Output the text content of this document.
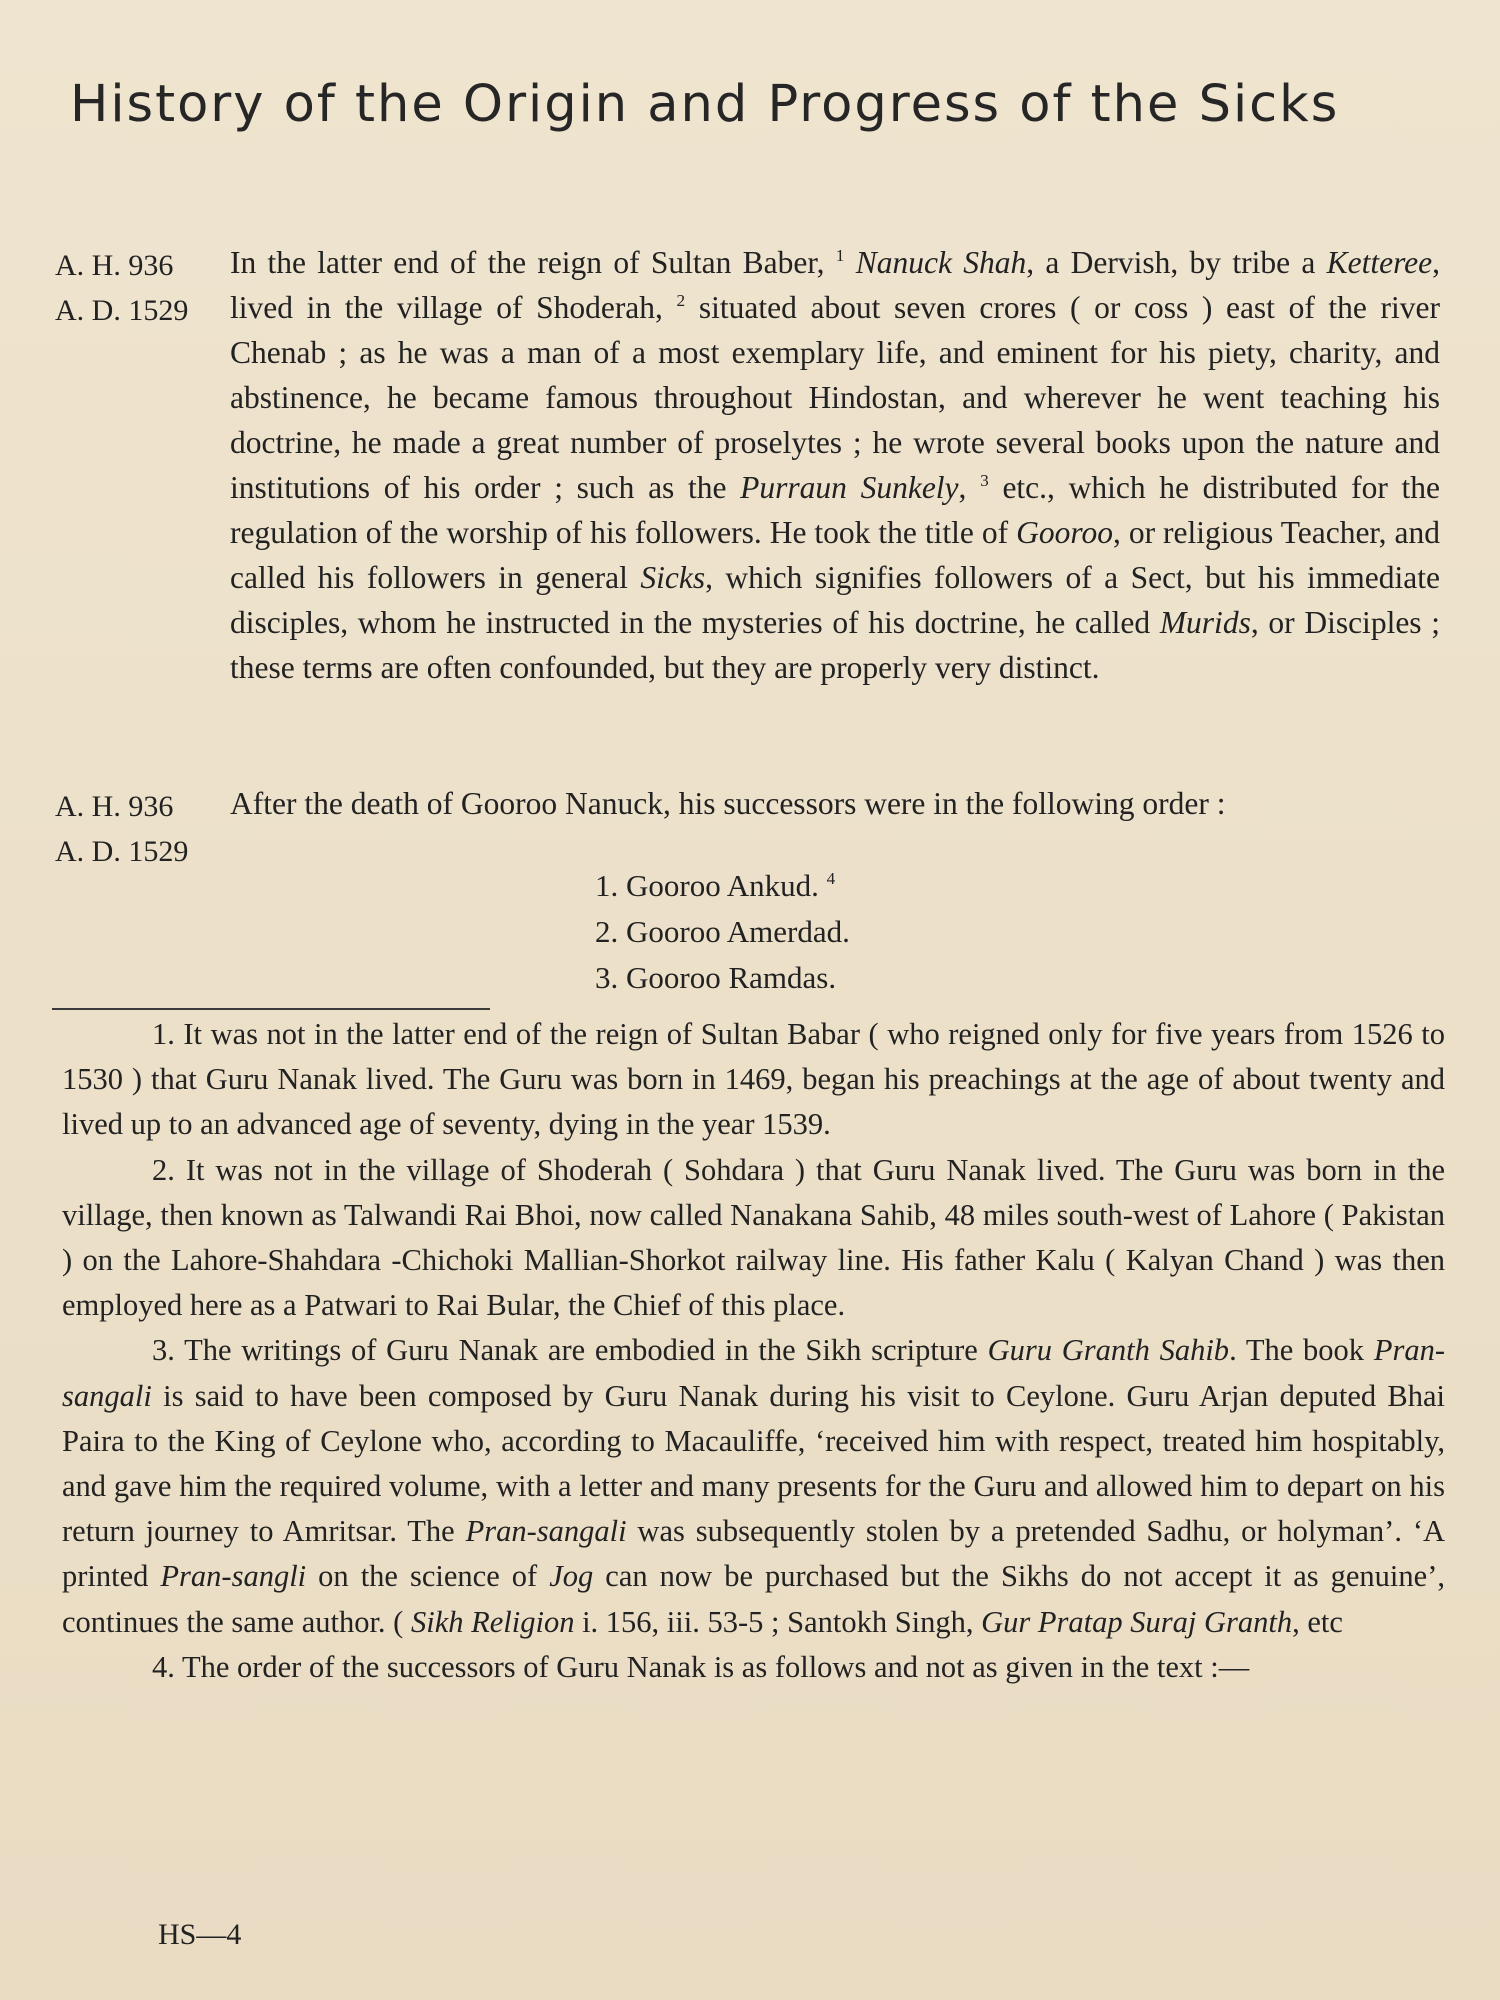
History of the Origin and Progress of the Sicks
A. H. 936
A. D. 1529
In the latter end of the reign of Sultan Baber, $^1$ Nanuck Shah, a Dervish, by tribe a Ketteree, lived in the village of Shoderah, $^2$ situated about seven crores ( or coss ) east of the river Chenab ; as he was a man of a most exemplary life, and eminent for his piety, charity, and abstinence, he became famous throughout Hindostan, and wherever he went teaching his doctrine, he made a great number of proselytes ; he wrote several books upon the nature and institutions of his order ; such as the Purraun Sunkely, $^3$ etc., which he distributed for the regulation of the worship of his followers. He took the title of Gooroo, or religious Teacher, and called his followers in general Sicks, which signifies followers of a Sect, but his immediate disciples, whom he instructed in the mysteries of his doctrine, he called Murids, or Disciples ; these terms are often confounded, but they are properly very distinct.
A. H. 936
A. D. 1529
After the death of Gooroo Nanuck, his successors were in the following order :
1. Gooroo Ankud. $^4$
2. Gooroo Amerdad.
3. Gooroo Ramdas.

1. It was not in the latter end of the reign of Sultan Babar ( who reigned only for five years from 1526 to 1530 ) that Guru Nanak lived. The Guru was born in 1469, began his preachings at the age of about twenty and lived up to an advanced age of seventy, dying in the year 1539.

2. It was not in the village of Shoderah ( Sohdara ) that Guru Nanak lived. The Guru was born in the village, then known as Talwandi Rai Bhoi, now called Nanakana Sahib, 48 miles south-west of Lahore ( Pakistan ) on the Lahore-Shahdara -Chichoki Mallian-Shorkot railway line. His father Kalu ( Kalyan Chand ) was then employed here as a Patwari to Rai Bular, the Chief of this place.

3. The writings of Guru Nanak are embodied in the Sikh scripture Guru Granth Sahib. The book Pran-sangali is said to have been composed by Guru Nanak during his visit to Ceylone. Guru Arjan deputed Bhai Paira to the King of Ceylone who, according to Macauliffe, ‘received him with respect, treated him hospitably, and gave him the required volume, with a letter and many presents for the Guru and allowed him to depart on his return journey to Amritsar. The Pran-sangali was subsequently stolen by a pretended Sadhu, or holyman’. ‘A printed Pran-sangli on the science of Jog can now be purchased but the Sikhs do not accept it as genuine’, continues the same author. ( Sikh Religion i. 156, iii. 53-5 ; Santokh Singh, Gur Pratap Suraj Granth, etc

4. The order of the successors of Guru Nanak is as follows and not as given in the text :—

HS—4
